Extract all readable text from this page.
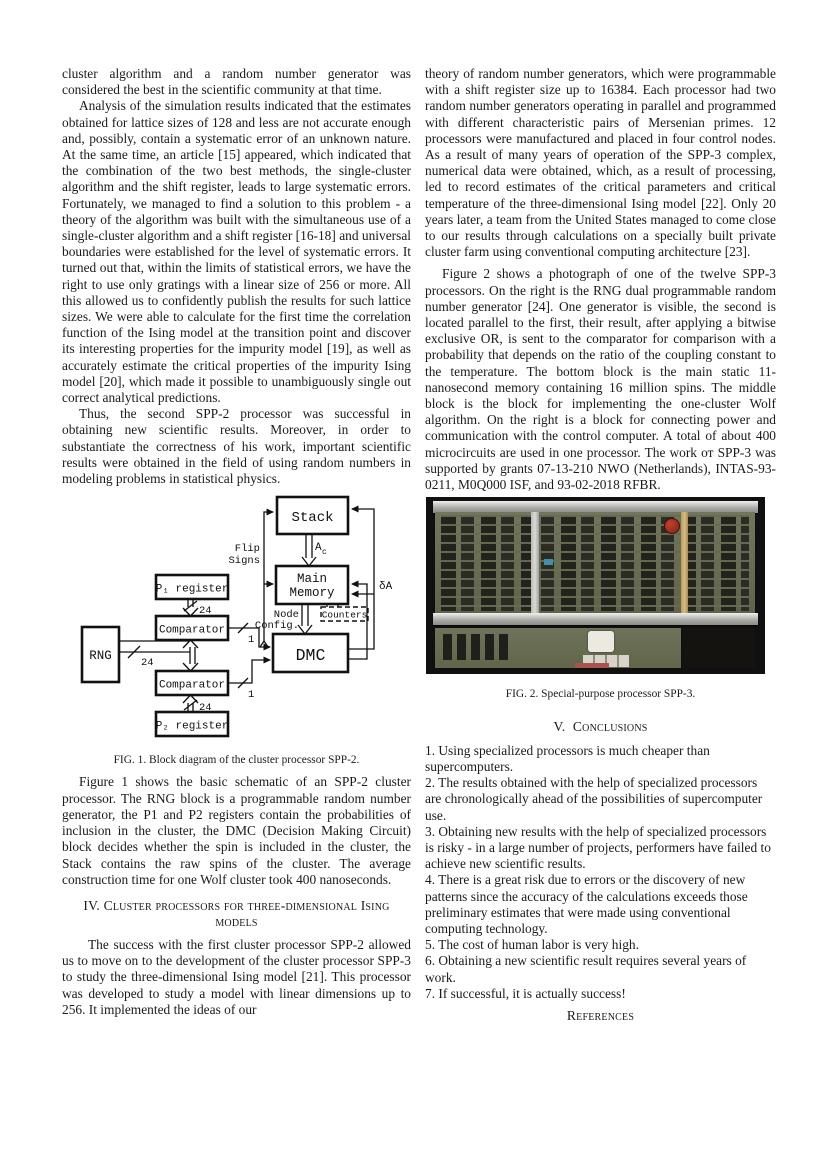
cluster algorithm and a random number generator was considered the best in the scientific community at that time.

Analysis of the simulation results indicated that the estimates obtained for lattice sizes of 128 and less are not accurate enough and, possibly, contain a systematic error of an unknown nature. At the same time, an article [15] appeared, which indicated that the combination of the two best methods, the single-cluster algorithm and the shift register, leads to large systematic errors. Fortunately, we managed to find a solution to this problem - a theory of the algorithm was built with the simultaneous use of a single-cluster algorithm and a shift register [16-18] and universal boundaries were established for the level of systematic errors. It turned out that, within the limits of statistical errors, we have the right to use only gratings with a linear size of 256 or more. All this allowed us to confidently publish the results for such lattice sizes. We were able to calculate for the first time the correlation function of the Ising model at the transition point and discover its interesting properties for the impurity model [19], as well as accurately estimate the critical properties of the impurity Ising model [20], which made it possible to unambiguously single out correct analytical predictions.

Thus, the second SPP-2 processor was successful in obtaining new scientific results. Moreover, in order to substantiate the correctness of his work, important scientific results were obtained in the field of using random numbers in modeling problems in statistical physics.

Stack
Main
Memory
DMC
RNG
P₁ register
Comparator
Comparator
P₂ register
Counters
Node
Config.
Flip
Signs
A c
δA
24
24
24
1
1

FIG. 1. Block diagram of the cluster processor SPP-2.

Figure 1 shows the basic schematic of an SPP-2 cluster processor. The RNG block is a programmable random number generator, the P1 and P2 registers contain the probabilities of inclusion in the cluster, the DMC (Decision Making Circuit) block decides whether the spin is included in the cluster, the Stack contains the raw spins of the cluster. The average construction time for one Wolf cluster took 400 nanoseconds.

IV. Cluster processors for three-dimensional Ising models

The success with the first cluster processor SPP-2 allowed us to move on to the development of the cluster processor SPP-3 to study the three-dimensional Ising model [21]. This processor was developed to study a model with linear dimensions up to 256. It implemented the ideas of our

theory of random number generators, which were programmable with a shift register size up to 16384. Each processor had two random number generators operating in parallel and programmed with different characteristic pairs of Mersenian primes. 12 processors were manufactured and placed in four control nodes. As a result of many years of operation of the SPP-3 complex, numerical data were obtained, which, as a result of processing, led to record estimates of the critical parameters and critical temperature of the three-dimensional Ising model [22]. Only 20 years later, a team from the United States managed to come close to our results through calculations on a specially built private cluster farm using conventional computing architecture [23].

Figure 2 shows a photograph of one of the twelve SPP-3 processors. On the right is the RNG dual programmable random number generator [24]. One generator is visible, the second is located parallel to the first, their result, after applying a bitwise exclusive OR, is sent to the comparator for comparison with a probability that depends on the ratio of the coupling constant to the temperature. The bottom block is the main static 11-nanosecond memory containing 16 million spins. The middle block is the block for implementing the one-cluster Wolf algorithm. On the right is a block for connecting power and communication with the control computer. A total of about 400 microcircuits are used in one processor. The work от SPP-3 was supported by grants 07-13-210 NWO (Netherlands), INTAS-93-0211, M0Q000 ISF, and 93-02-2018 RFBR.

FIG. 2. Special-purpose processor SPP-3.

V. Conclusions

1. Using specialized processors is much cheaper than supercomputers.

2. The results obtained with the help of specialized processors are chronologically ahead of the possibilities of supercomputer use.

3. Obtaining new results with the help of specialized processors is risky - in a large number of projects, performers have failed to achieve new scientific results.

4. There is a great risk due to errors or the discovery of new patterns since the accuracy of the calculations exceeds those preliminary estimates that were made using conventional computing technology.

5. The cost of human labor is very high.

6. Obtaining a new scientific result requires several years of work.

7. If successful, it is actually success!

References
